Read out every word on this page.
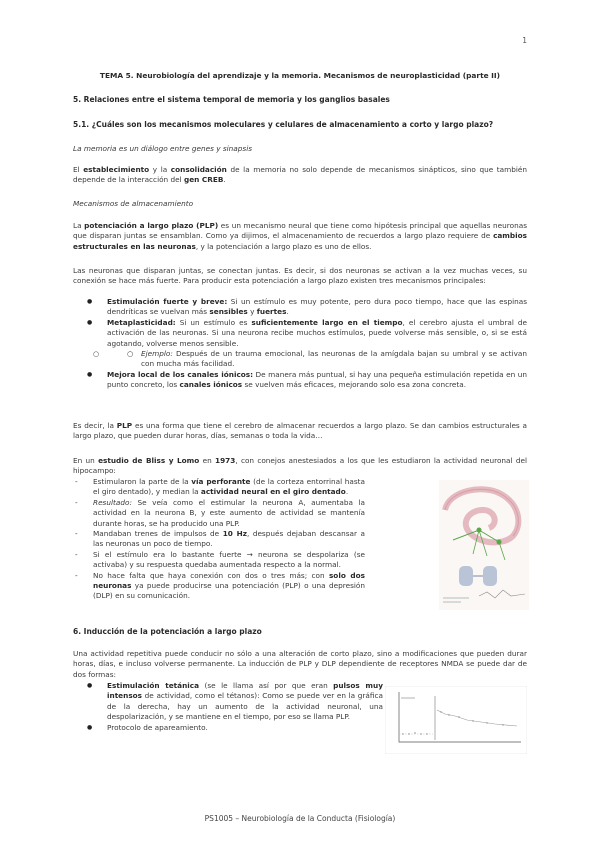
1
TEMA 5. Neurobiología del aprendizaje y la memoria. Mecanismos de neuroplasticidad (parte II)
5. Relaciones entre el sistema temporal de memoria y los ganglios basales
5.1. ¿Cuáles son los mecanismos moleculares y celulares de almacenamiento a corto y largo plazo?
La memoria es un diálogo entre genes y sinapsis

El establecimiento y la consolidación de la memoria no solo depende de mecanismos sinápticos, sino que también depende de la interacción del gen CREB.

Mecanismos de almacenamiento

La potenciación a largo plazo (PLP) es un mecanismo neural que tiene como hipótesis principal que aquellas neuronas que disparan juntas se ensamblan. Como ya dijimos, el almacenamiento de recuerdos a largo plazo requiere de cambios estructurales en las neuronas, y la potenciación a largo plazo es uno de ellos.

Las neuronas que disparan juntas, se conectan juntas. Es decir, si dos neuronas se activan a la vez muchas veces, su conexión se hace más fuerte. Para producir esta potenciación a largo plazo existen tres mecanismos principales:

● Estimulación fuerte y breve: Si un estímulo es muy potente, pero dura poco tiempo, hace que las espinas dendríticas se vuelvan más sensibles y fuertes.
● Metaplasticidad: Si un estímulo es suficientemente largo en el tiempo, el cerebro ajusta el umbral de activación de las neuronas. Si una neurona recibe muchos estímulos, puede volverse más sensible, o, si se está agotando, volverse menos sensible.
○ ○ Ejemplo: Después de un trauma emocional, las neuronas de la amígdala bajan su umbral y se activan con mucha más facilidad.
● Mejora local de los canales iónicos: De manera más puntual, si hay una pequeña estimulación repetida en un punto concreto, los canales iónicos se vuelven más eficaces, mejorando solo esa zona concreta.

Es decir, la PLP es una forma que tiene el cerebro de almacenar recuerdos a largo plazo. Se dan cambios estructurales a largo plazo, que pueden durar horas, días, semanas o toda la vida…

En un estudio de Bliss y Lomo en 1973, con conejos anestesiados a los que les estudiaron la actividad neuronal del hipocampo:

- Estimularon la parte de la vía perforante (de la corteza entorrinal hasta el giro dentado), y median la actividad neural en el giro dentado.
- Resultado: Se veía como el estimular la neurona A, aumentaba la actividad en la neurona B, y este aumento de actividad se mantenía durante horas, se ha producido una PLP.
- Mandaban trenes de impulsos de 10 Hz, después dejaban descansar a las neuronas un poco de tiempo.
- Si el estímulo era lo bastante fuerte → neurona se despolariza (se activaba) y su respuesta quedaba aumentada respecto a la normal.
- No hace falta que haya conexión con dos o tres más; con solo dos neuronas ya puede producirse una potenciación (PLP) o una depresión (DLP) en su comunicación.
6. Inducción de la potenciación a largo plazo

Una actividad repetitiva puede conducir no sólo a una alteración de corto plazo, sino a modificaciones que pueden durar horas, días, e incluso volverse permanente. La inducción de PLP y DLP dependiente de receptores NMDA se puede dar de dos formas:

● Estimulación tetánica (se le llama así por que eran pulsos muy intensos de actividad, como el tétanos): Como se puede ver en la gráfica de la derecha, hay un aumento de la actividad neuronal, una despolarización, y se mantiene en el tiempo, por eso se llama PLP.
● Protocolo de apareamiento.
PS1005 – Neurobiología de la Conducta (Fisiología)
